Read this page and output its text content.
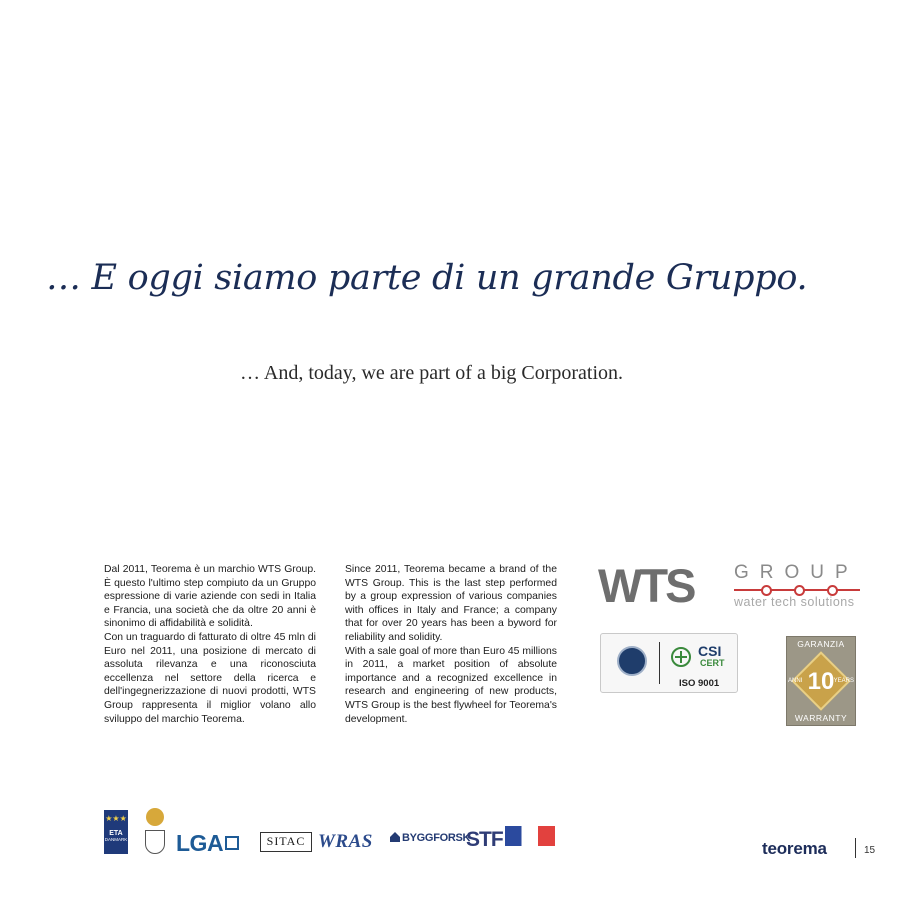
… E oggi siamo parte di un grande Gruppo.
… And, today, we are part of a big Corporation.

Dal 2011, Teorema è un marchio WTS Group. È questo l'ultimo step compiuto da un Gruppo espressione di varie aziende con sedi in Italia e Francia, una società che da oltre 20 anni è sinonimo di affidabilità e solidità.

Con un traguardo di fatturato di oltre 45 mln di Euro nel 2011, una posizione di mercato di assoluta rilevanza e una riconosciuta eccellenza nel settore della ricerca e dell'ingegnerizzazione di nuovi prodotti, WTS Group rappresenta il miglior volano allo sviluppo del marchio Teorema.

Since 2011, Teorema became a brand of the WTS Group. This is the last step performed by a group expression of various companies with offices in Italy and France; a company that for over 20 years has been a byword for reliability and solidity.

With a sale goal of more than Euro 45 millions in 2011, a market position of absolute importance and a recognized excellence in research and engineering of new products, WTS Group is the best flywheel for Teorema's development.

WTS GROUP
water tech solutions
CSI
CERT
ISO 9001
GARANZIA
ANNI 10 YEARS
WARRANTY
★★★
ETA
DANMARK LGA	SITAC WRAS	BYGGFORSK
STF	teorema	15
